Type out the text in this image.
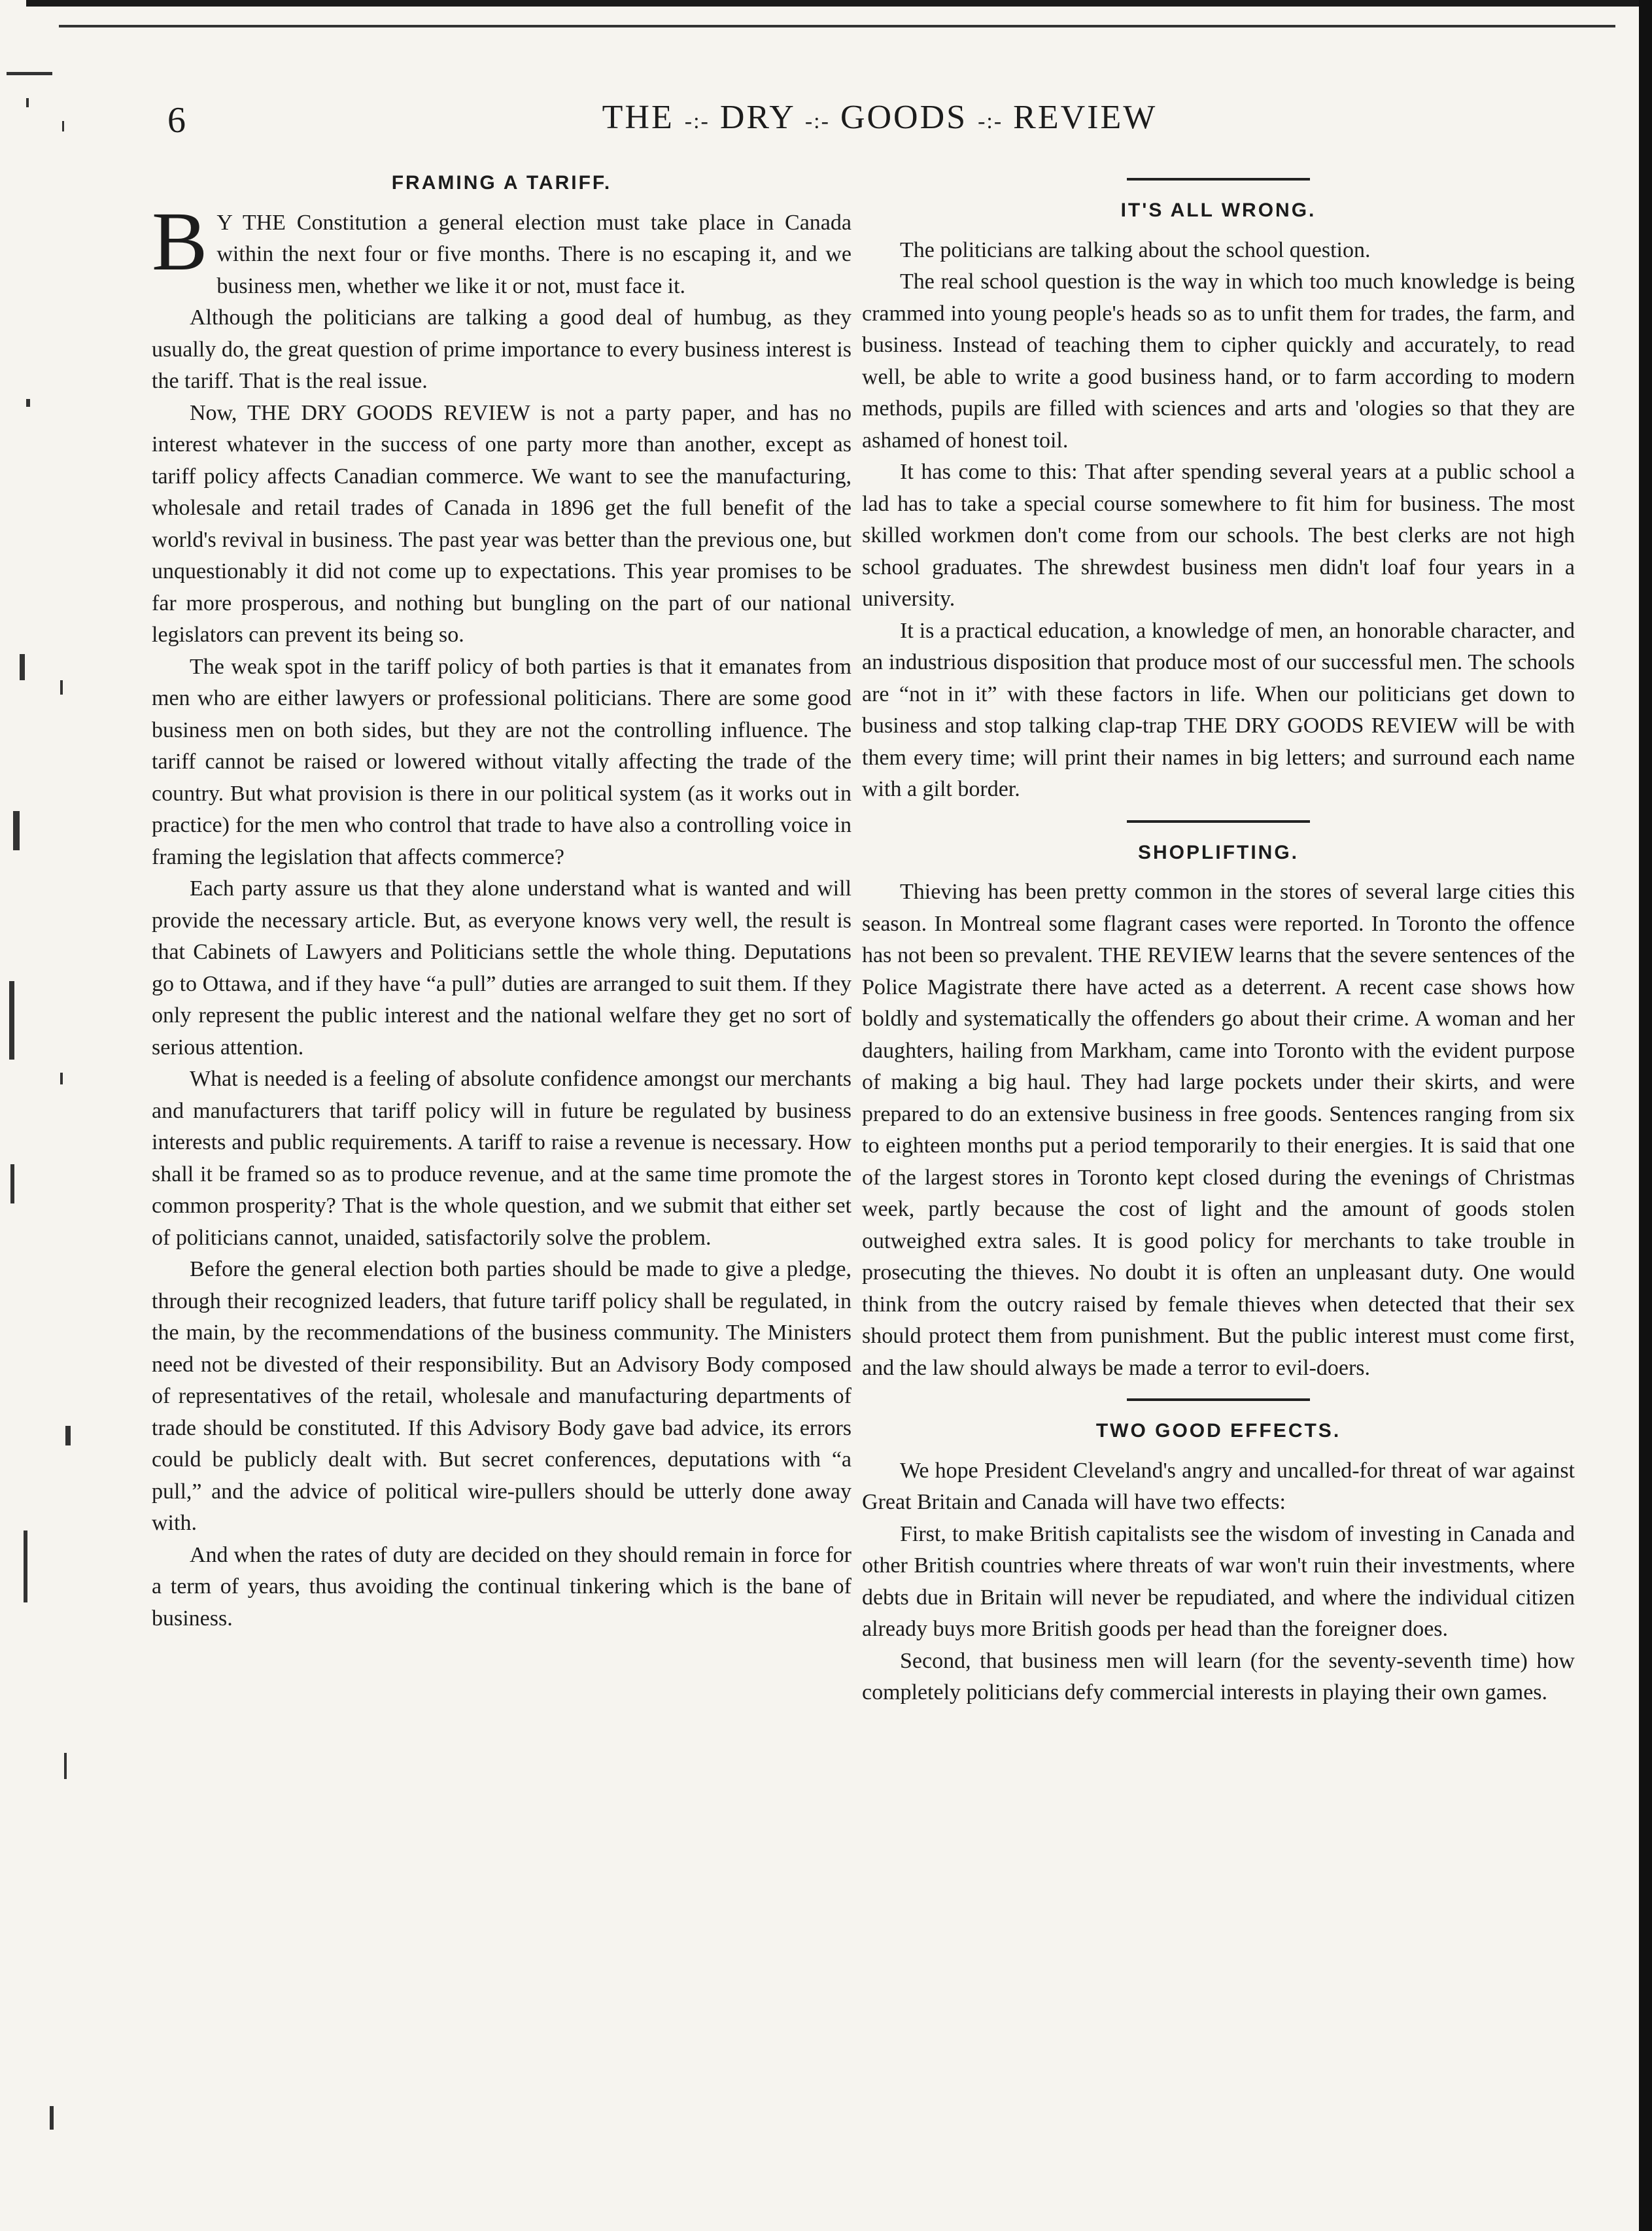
6	THE -:- DRY -:- GOODS -:- REVIEW
FRAMING A TARIFF.

B Y THE Constitution a general election must take place in Canada within the next four or five months. There is no escaping it, and we business men, whether we like it or not, must face it.

Although the politicians are talking a good deal of humbug, as they usually do, the great question of prime importance to every business interest is the tariff. That is the real issue.

Now, THE DRY GOODS REVIEW is not a party paper, and has no interest whatever in the success of one party more than another, except as tariff policy affects Canadian commerce. We want to see the manufacturing, wholesale and retail trades of Canada in 1896 get the full benefit of the world's revival in business. The past year was better than the previous one, but unquestionably it did not come up to expectations. This year promises to be far more prosperous, and nothing but bungling on the part of our national legislators can prevent its being so.

The weak spot in the tariff policy of both parties is that it emanates from men who are either lawyers or professional politicians. There are some good business men on both sides, but they are not the controlling influence. The tariff cannot be raised or lowered without vitally affecting the trade of the country. But what provision is there in our political system (as it works out in practice) for the men who control that trade to have also a controlling voice in framing the legislation that affects commerce?

Each party assure us that they alone understand what is wanted and will provide the necessary article. But, as everyone knows very well, the result is that Cabinets of Lawyers and Politicians settle the whole thing. Deputations go to Ottawa, and if they have “a pull” duties are arranged to suit them. If they only represent the public interest and the national welfare they get no sort of serious attention.

What is needed is a feeling of absolute confidence amongst our merchants and manufacturers that tariff policy will in future be regulated by business interests and public requirements. A tariff to raise a revenue is necessary. How shall it be framed so as to produce revenue, and at the same time promote the common prosperity? That is the whole question, and we submit that either set of politicians cannot, unaided, satisfactorily solve the problem.

Before the general election both parties should be made to give a pledge, through their recognized leaders, that future tariff policy shall be regulated, in the main, by the recommendations of the business community. The Ministers need not be divested of their responsibility. But an Advisory Body composed of representatives of the retail, wholesale and manufacturing departments of trade should be constituted. If this Advisory Body gave bad advice, its errors could be publicly dealt with. But secret conferences, deputations with “a pull,” and the advice of political wire-pullers should be utterly done away with.

And when the rates of duty are decided on they should remain in force for a term of years, thus avoiding the continual tinkering which is the bane of business.

IT'S ALL WRONG.

The politicians are talking about the school question.

The real school question is the way in which too much knowledge is being crammed into young people's heads so as to unfit them for trades, the farm, and business. Instead of teaching them to cipher quickly and accurately, to read well, be able to write a good business hand, or to farm according to modern methods, pupils are filled with sciences and arts and 'ologies so that they are ashamed of honest toil.

It has come to this: That after spending several years at a public school a lad has to take a special course somewhere to fit him for business. The most skilled workmen don't come from our schools. The best clerks are not high school graduates. The shrewdest business men didn't loaf four years in a university.

It is a practical education, a knowledge of men, an honorable character, and an industrious disposition that produce most of our successful men. The schools are “not in it” with these factors in life. When our politicians get down to business and stop talking clap-trap THE DRY GOODS REVIEW will be with them every time; will print their names in big letters; and surround each name with a gilt border.

SHOPLIFTING.

Thieving has been pretty common in the stores of several large cities this season. In Montreal some flagrant cases were reported. In Toronto the offence has not been so prevalent. THE REVIEW learns that the severe sentences of the Police Magistrate there have acted as a deterrent. A recent case shows how boldly and systematically the offenders go about their crime. A woman and her daughters, hailing from Markham, came into Toronto with the evident purpose of making a big haul. They had large pockets under their skirts, and were prepared to do an extensive business in free goods. Sentences ranging from six to eighteen months put a period temporarily to their energies. It is said that one of the largest stores in Toronto kept closed during the evenings of Christmas week, partly because the cost of light and the amount of goods stolen outweighed extra sales. It is good policy for merchants to take trouble in prosecuting the thieves. No doubt it is often an unpleasant duty. One would think from the outcry raised by female thieves when detected that their sex should protect them from punishment. But the public interest must come first, and the law should always be made a terror to evil-doers.

TWO GOOD EFFECTS.

We hope President Cleveland's angry and uncalled-for threat of war against Great Britain and Canada will have two effects:

First, to make British capitalists see the wisdom of investing in Canada and other British countries where threats of war won't ruin their investments, where debts due in Britain will never be repudiated, and where the individual citizen already buys more British goods per head than the foreigner does.

Second, that business men will learn (for the seventy-seventh time) how completely politicians defy commercial interests in playing their own games.
